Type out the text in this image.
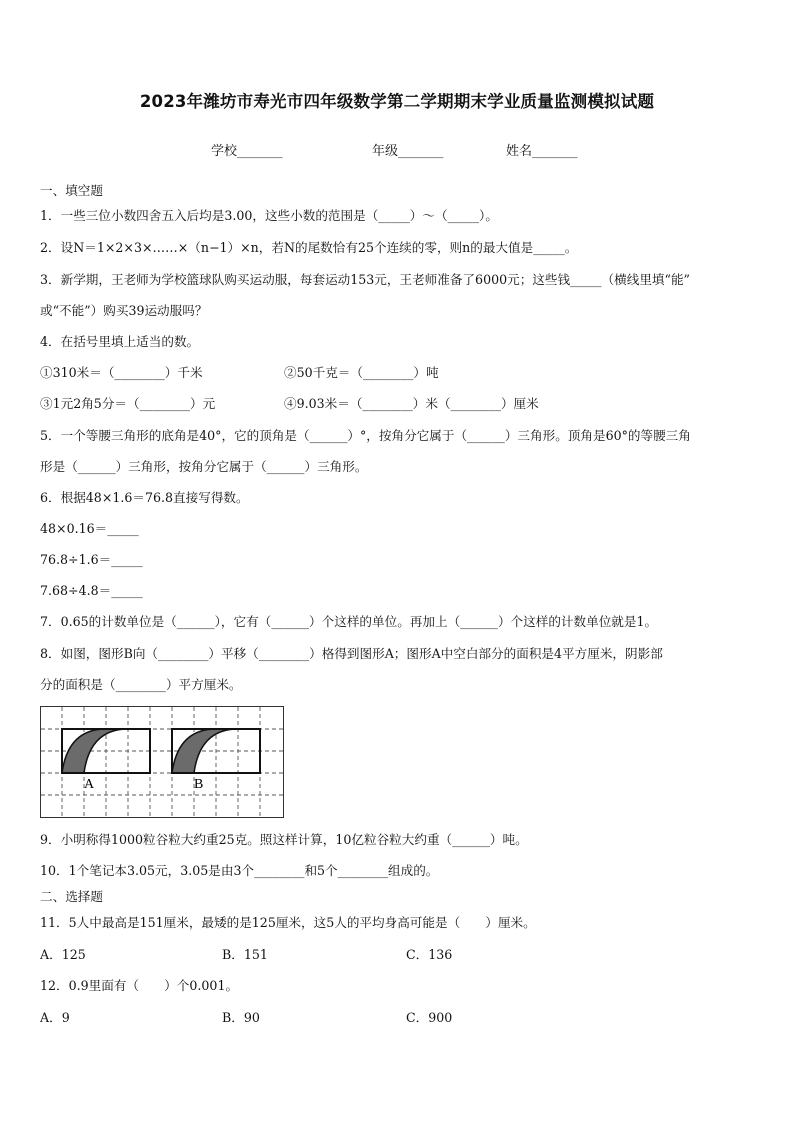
2023年潍坊市寿光市四年级数学第二学期期末学业质量监测模拟试题
学校_______	年级_______	姓名_______
一、填空题
1．一些三位小数四舍五入后均是3.00，这些小数的范围是（_____）～（_____）。
2．设N＝1×2×3×……×（n−1）×n，若N的尾数恰有25个连续的零，则n的最大值是_____。
3．新学期，王老师为学校篮球队购买运动服，每套运动153元，王老师准备了6000元；这些钱_____（横线里填“能”
或“不能”）购买39运动服吗？
4．在括号里填上适当的数。
①310米＝（________）千米	②50千克＝（________）吨
③1元2角5分＝（________）元	④9.03米＝（________）米（________）厘米
5．一个等腰三角形的底角是40°，它的顶角是（______）°，按角分它属于（______）三角形。顶角是60°的等腰三角
形是（______）三角形，按角分它属于（______）三角形。
6．根据48×1.6＝76.8直接写得数。
48×0.16＝_____
76.8÷1.6＝_____
7.68÷4.8＝_____
7．0.65的计数单位是（______），它有（______）个这样的单位。再加上（______）个这样的计数单位就是1。
8．如图，图形B向（________）平移（________）格得到图形A；图形A中空白部分的面积是4平方厘米，阴影部
分的面积是（________）平方厘米。
A	B
9．小明称得1000粒谷粒大约重25克。照这样计算，10亿粒谷粒大约重（______）吨。
10．1个笔记本3.05元，3.05是由3个________和5个________组成的。
二、选择题
11．5人中最高是151厘米，最矮的是125厘米，这5人的平均身高可能是（　　）厘米。
A．125	B．151	C．136
12．0.9里面有（　　）个0.001。
A．9	B．90	C．900
